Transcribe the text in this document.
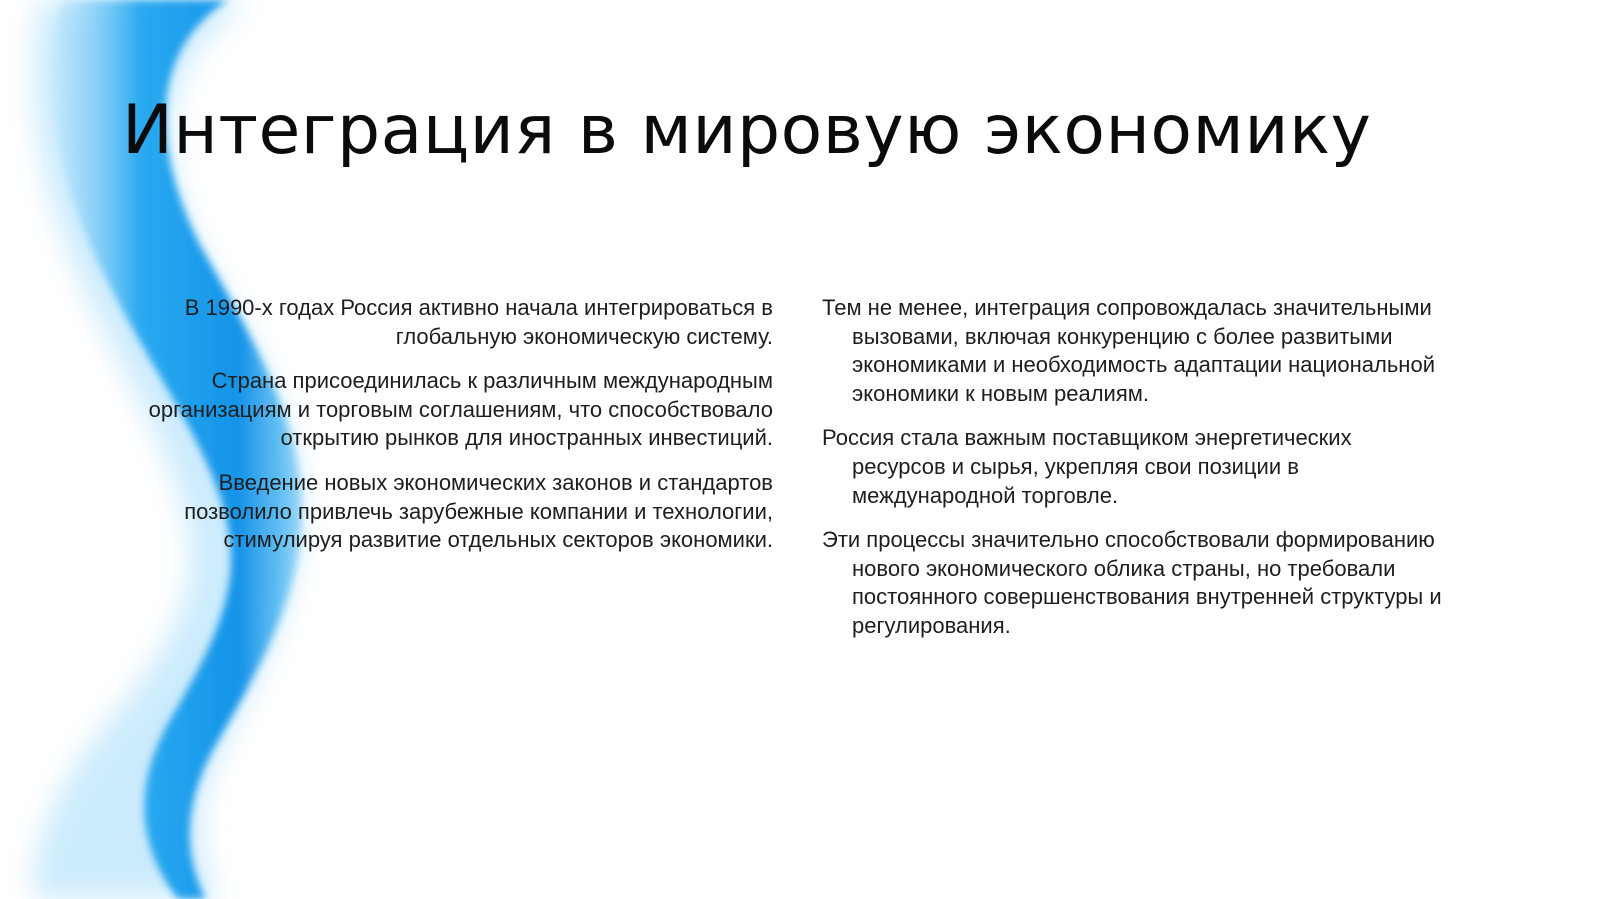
Интеграция в мировую экономику

В 1990-х годах Россия активно начала интегрироваться в глобальную экономическую систему.

Страна присоединилась к различным международным организациям и торговым соглашениям, что способствовало открытию рынков для иностранных инвестиций.

Введение новых экономических законов и стандартов позволило привлечь зарубежные компании и технологии, стимулируя развитие отдельных секторов экономики.

Тем не менее, интеграция сопровождалась значительными вызовами, включая конкуренцию с более развитыми экономиками и необходимость адаптации национальной экономики к новым реалиям.

Россия стала важным поставщиком энергетических ресурсов и сырья, укрепляя свои позиции в международной торговле.

Эти процессы значительно способствовали формированию нового экономического облика страны, но требовали постоянного совершенствования внутренней структуры и регулирования.
